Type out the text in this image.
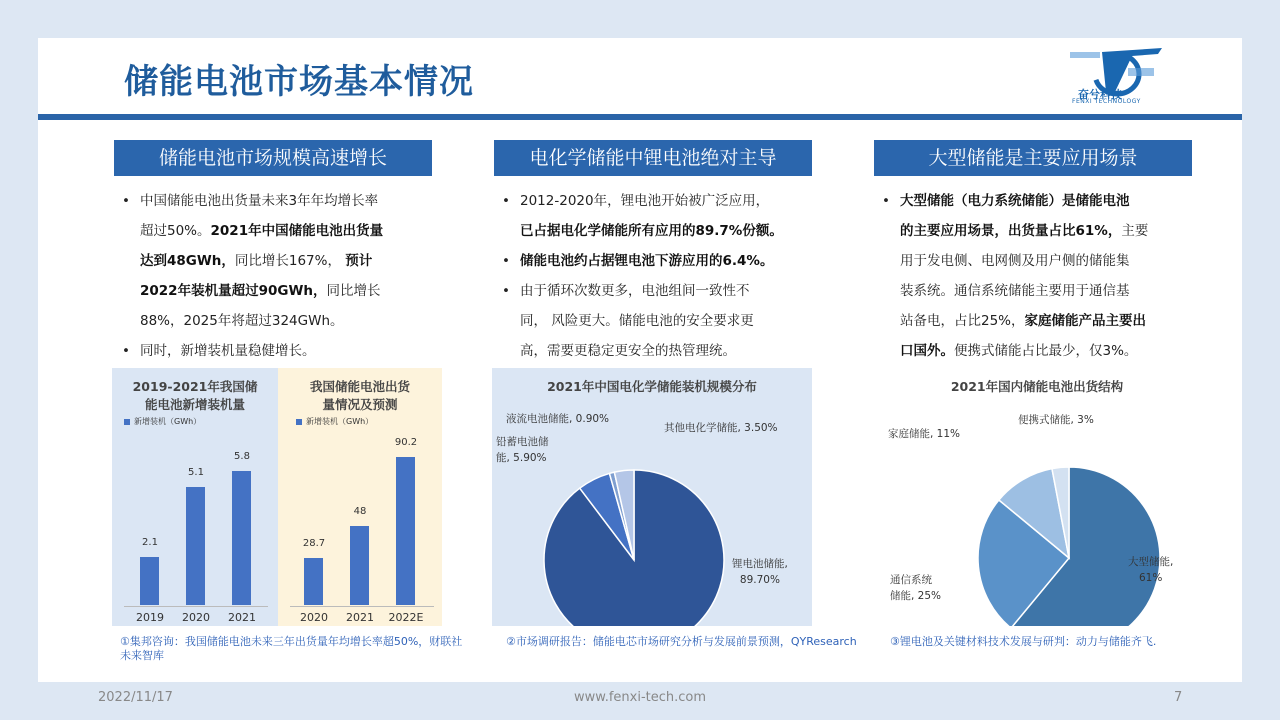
储能电池市场基本情况	奋兮科技
FENXI TECHNOLOGY
储能电池市场规模高速增长	电化学储能中锂电池绝对主导	大型储能是主要应用场景
• 中国储能电池出货量未来3年年均增长率
超过50%。2021年中国储能电池出货量
达到48GWh，同比增长167%， 预计
2022年装机量超过90GWh，同比增长
88%，2025年将超过324GWh。
• 同时，新增装机量稳健增长。
• 2012-2020年，锂电池开始被广泛应用，
已占据电化学储能所有应用的89.7%份额。
• 储能电池约占据锂电池下游应用的6.4%。
• 由于循环次数更多，电池组间一致性不
同， 风险更大。储能电池的安全要求更
高，需要更稳定更安全的热管理统。
• 大型储能（电力系统储能）是储能电池
的主要应用场景，出货量占比61%，主要
用于发电侧、电网侧及用户侧的储能集
装系统。通信系统储能主要用于通信基
站备电，占比25%，家庭储能产品主要出
口国外。便携式储能占比最少，仅3%。
2019-2021年我国储
能电池新增装机量
新增装机（GWh）
2.1
2019
5.1
2020
5.8
2021
我国储能电池出货
量情况及预测
新增装机（GWh）
28.7
2020
48
2021
90.2
2022E
2021年中国电化学储能装机规模分布
锂电池储能,
89.70%
铅蓄电池储
能, 5.90%
液流电池储能, 0.90%
其他电化学储能, 3.50%
2021年国内储能电池出货结构
大型储能,
61%
通信系统
储能, 25%
家庭储能, 11%
便携式储能, 3%
①集邦咨询：我国储能电池未来三年出货量年均增长率超50%，财联社
未来智库
②市场调研报告：储能电芯市场研究分析与发展前景预测，QYResearch	③锂电池及关键材料技术发展与研判：动力与储能齐飞.
2022/11/17	www.fenxi-tech.com	7
